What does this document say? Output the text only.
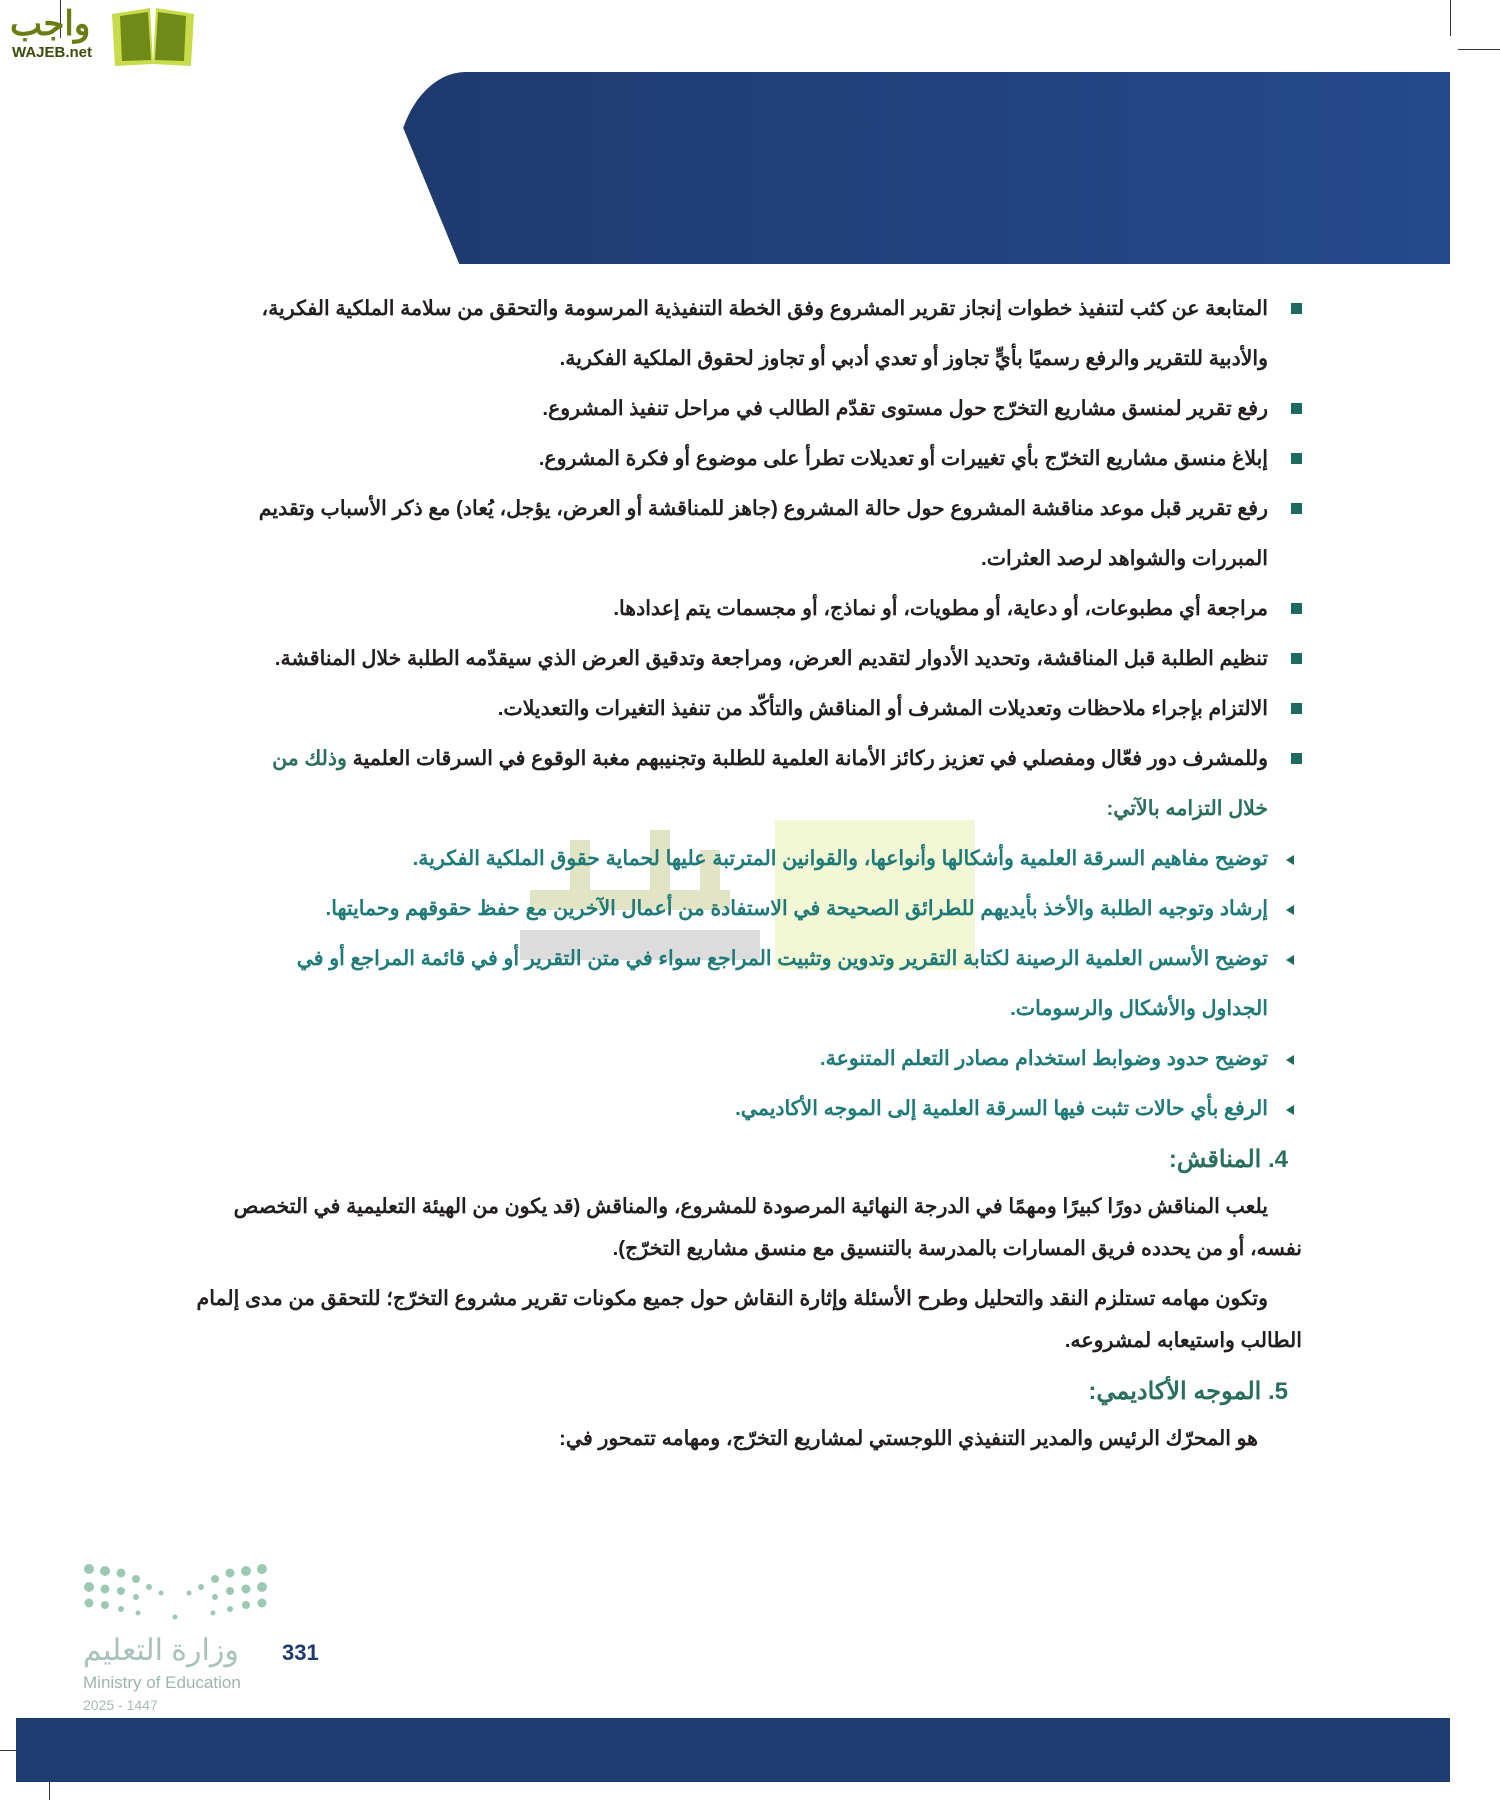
واجب
WAJEB.net

المتابعة عن كثب لتنفيذ خطوات إنجاز تقرير المشروع وفق الخطة التنفيذية المرسومة والتحقق من سلامة الملكية الفكرية، والأدبية للتقرير والرفع رسميًا بأيٍّ تجاوز أو تعدي أدبي أو تجاوز لحقوق الملكية الفكرية.

رفع تقرير لمنسق مشاريع التخرّج حول مستوى تقدّم الطالب في مراحل تنفيذ المشروع.

إبلاغ منسق مشاريع التخرّج بأي تغييرات أو تعديلات تطرأ على موضوع أو فكرة المشروع.

رفع تقرير قبل موعد مناقشة المشروع حول حالة المشروع (جاهز للمناقشة أو العرض، يؤجل، يُعاد) مع ذكر الأسباب وتقديم المبررات والشواهد لرصد العثرات.

مراجعة أي مطبوعات، أو دعاية، أو مطويات، أو نماذج، أو مجسمات يتم إعدادها.

تنظيم الطلبة قبل المناقشة، وتحديد الأدوار لتقديم العرض، ومراجعة وتدقيق العرض الذي سيقدّمه الطلبة خلال المناقشة.

الالتزام بإجراء ملاحظات وتعديلات المشرف أو المناقش والتأكّد من تنفيذ التغيرات والتعديلات.

وللمشرف دور فعّال ومفصلي في تعزيز ركائز الأمانة العلمية للطلبة وتجنيبهم مغبة الوقوع في السرقات العلمية وذلك من خلال التزامه بالآتي:

توضيح مفاهيم السرقة العلمية وأشكالها وأنواعها، والقوانين المترتبة عليها لحماية حقوق الملكية الفكرية.

إرشاد وتوجيه الطلبة والأخذ بأيديهم للطرائق الصحيحة في الاستفادة من أعمال الآخرين مع حفظ حقوقهم وحمايتها.

توضيح الأسس العلمية الرصينة لكتابة التقرير وتدوين وتثبيت المراجع سواء في متن التقرير أو في قائمة المراجع أو في الجداول والأشكال والرسومات.

توضيح حدود وضوابط استخدام مصادر التعلم المتنوعة.

الرفع بأي حالات تثبت فيها السرقة العلمية إلى الموجه الأكاديمي.

4. المناقش:

يلعب المناقش دورًا كبيرًا ومهمًا في الدرجة النهائية المرصودة للمشروع، والمناقش (قد يكون من الهيئة التعليمية في التخصص نفسه، أو من يحدده فريق المسارات بالمدرسة بالتنسيق مع منسق مشاريع التخرّج).

وتكون مهامه تستلزم النقد والتحليل وطرح الأسئلة وإثارة النقاش حول جميع مكونات تقرير مشروع التخرّج؛ للتحقق من مدى إلمام الطالب واستيعابه لمشروعه.

5. الموجه الأكاديمي:

هو المحرّك الرئيس والمدير التنفيذي اللوجستي لمشاريع التخرّج، ومهامه تتمحور في:

وزارة التعليم
Ministry of Education
2025 - 1447
331
